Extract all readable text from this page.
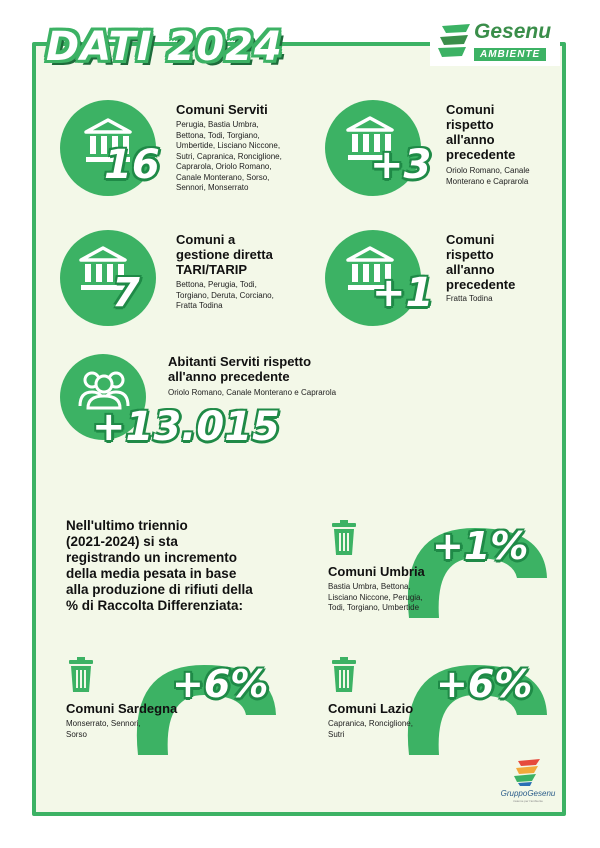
DATI 2024	Gesenu
AMBIENTE
16
Comuni Serviti
Perugia, Bastia Umbra,
Bettona, Todi, Torgiano,
Umbertide, Lisciano Niccone,
Sutri, Capranica, Ronciglione,
Caprarola, Oriolo Romano,
Canale Monterano, Sorso,
Sennori, Monserrato	+3
Comuni
rispetto
all'anno
precedente
Oriolo Romano, Canale
Monterano e Caprarola
7
Comuni a
gestione diretta
TARI/TARIP
Bettona, Perugia, Todi,
Torgiano, Deruta, Corciano,
Fratta Todina	+1
Comuni
rispetto
all'anno
precedente
Fratta Todina
+13.015
Abitanti Serviti rispetto
all'anno precedente
Oriolo Romano, Canale Monterano e Caprarola
Nell'ultimo triennio
(2021-2024) si sta
registrando un incremento
della media pesata in base
alla produzione di rifiuti della
% di Raccolta Differenziata:
+1%
Comuni Umbria
Bastia Umbra, Bettona,
Lisciano Niccone, Perugia,
Todi, Torgiano, Umbertide
+6%
Comuni Sardegna
Monserrato, Sennori,
Sorso
+6%
Comuni Lazio
Capranica, Ronciglione,
Sutri
GruppoGesenu
insieme per l'ambiente
